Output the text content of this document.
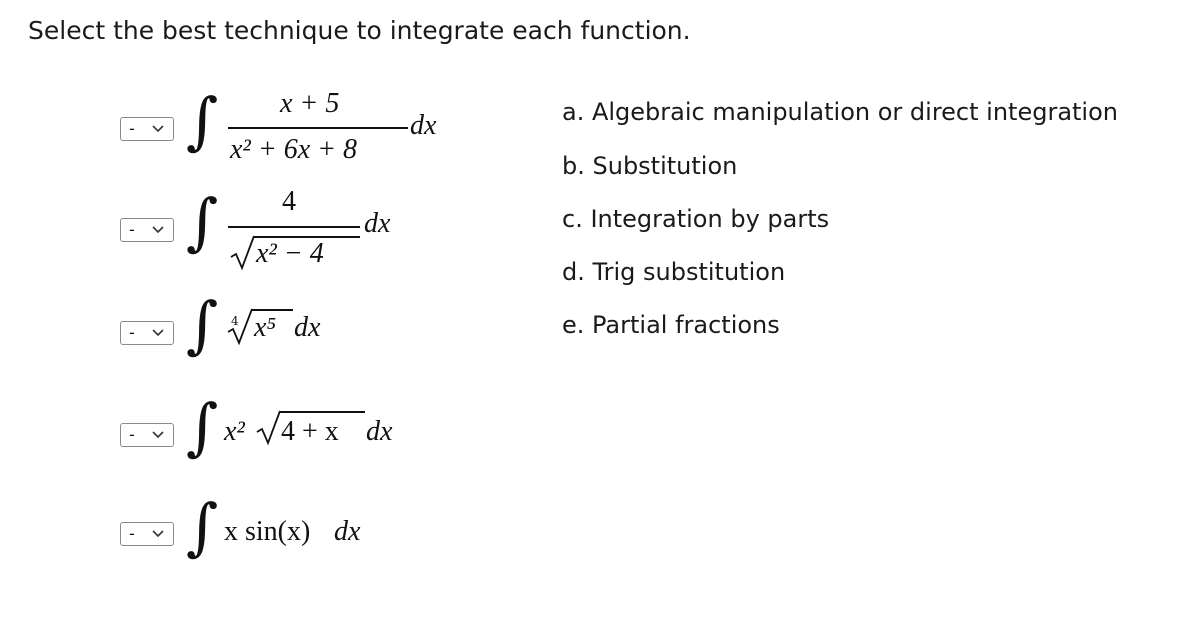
Select the best technique to integrate each function.
- ∫ x + 5
x² + 6x + 8
dx
- ∫ 4
x² − 4
dx
- ∫ 4 x⁵ dx
- ∫ x² 4 + x dx
- ∫ x sin(x) dx
a. Algebraic manipulation or direct integration
b. Substitution
c. Integration by parts
d. Trig substitution
e. Partial fractions
